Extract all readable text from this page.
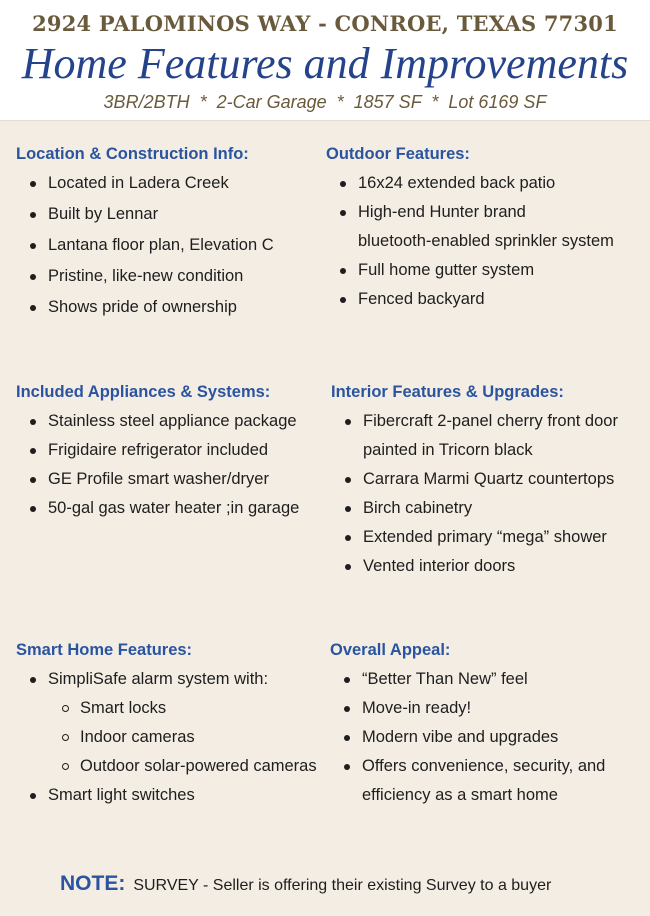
2924 PALOMINOS WAY - CONROE, TEXAS 77301
Home Features and Improvements
3BR/2BTH  *  2-Car Garage  *  1857 SF  *  Lot 6169 SF
Location & Construction Info:
Located in Ladera Creek
Built by Lennar
Lantana floor plan, Elevation C
Pristine, like-new condition
Shows pride of ownership
Outdoor Features:
16x24 extended back patio
High-end Hunter brand
bluetooth-enabled sprinkler system
Full home gutter system
Fenced backyard
Included Appliances & Systems:
Stainless steel appliance package
Frigidaire refrigerator included
GE Profile smart washer/dryer
50-gal gas water heater ;in garage
Interior Features & Upgrades:
Fibercraft 2-panel cherry front door
painted in Tricorn black
Carrara Marmi Quartz countertops
Birch cabinetry
Extended primary “mega” shower
Vented interior doors
Smart Home Features:
SimpliSafe alarm system with:
Smart locks
Indoor cameras
Outdoor solar-powered cameras
Smart light switches
Overall Appeal:
“Better Than New” feel
Move-in ready!
Modern vibe and upgrades
Offers convenience, security, and
efficiency as a smart home
NOTE: SURVEY - Seller is offering their existing Survey to a buyer
